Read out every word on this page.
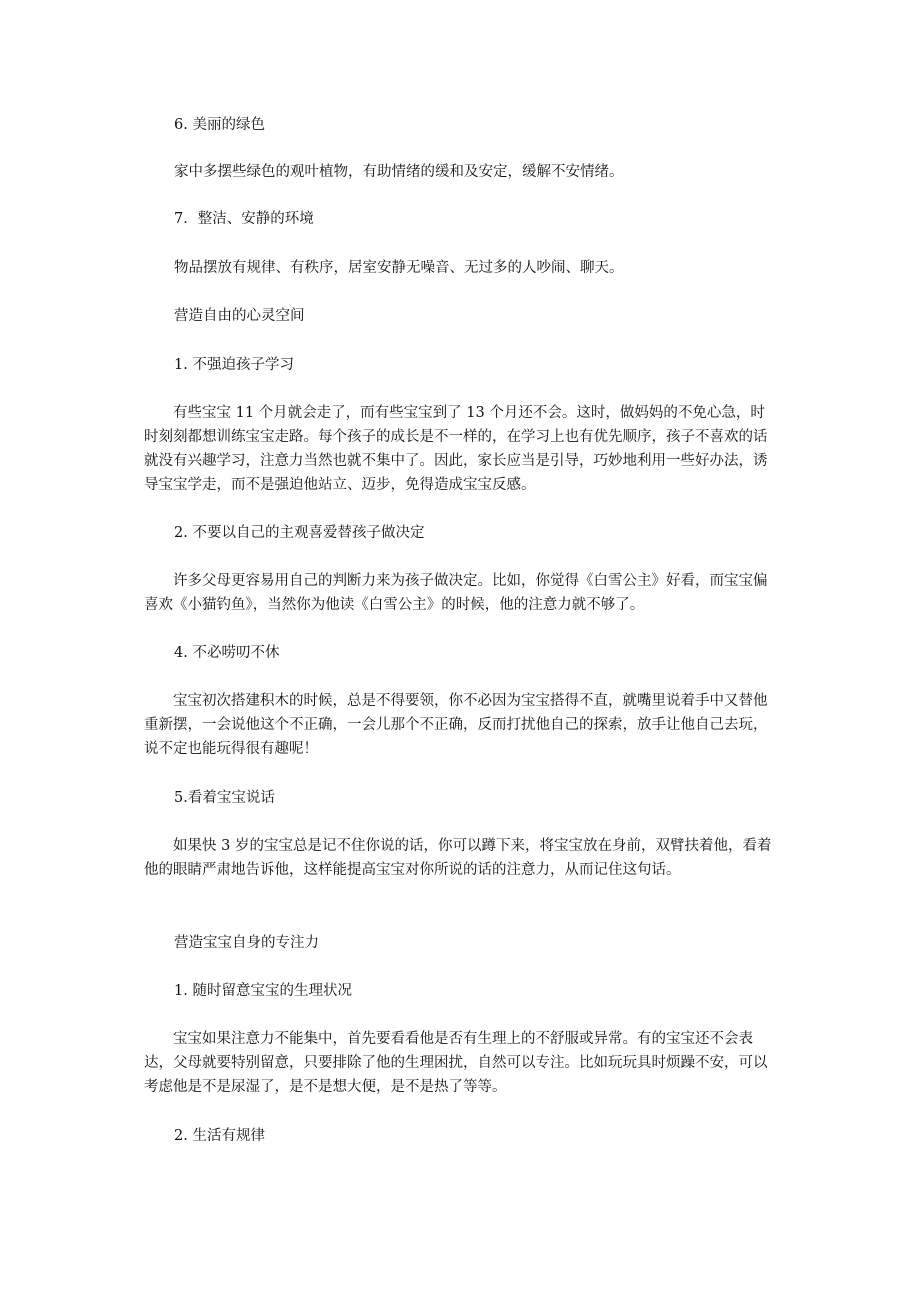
6. 美丽的绿色

家中多摆些绿色的观叶植物，有助情绪的缓和及安定，缓解不安情绪。

7．整洁、安静的环境

物品摆放有规律、有秩序，居室安静无噪音、无过多的人吵闹、聊天。

营造自由的心灵空间

1. 不强迫孩子学习

有些宝宝 11 个月就会走了，而有些宝宝到了 13 个月还不会。这时，做妈妈的不免心急，时时刻刻都想训练宝宝走路。每个孩子的成长是不一样的，在学习上也有优先顺序，孩子不喜欢的话就没有兴趣学习，注意力当然也就不集中了。因此，家长应当是引导，巧妙地利用一些好办法，诱导宝宝学走，而不是强迫他站立、迈步，免得造成宝宝反感。

2. 不要以自己的主观喜爱替孩子做决定

许多父母更容易用自己的判断力来为孩子做决定。比如，你觉得《白雪公主》好看，而宝宝偏喜欢《小猫钓鱼》，当然你为他读《白雪公主》的时候，他的注意力就不够了。

4. 不必唠叨不休

宝宝初次搭建积木的时候，总是不得要领，你不必因为宝宝搭得不直，就嘴里说着手中又替他重新摆，一会说他这个不正确，一会儿那个不正确，反而打扰他自己的探索，放手让他自己去玩，说不定也能玩得很有趣呢！

5.看着宝宝说话

如果快 3 岁的宝宝总是记不住你说的话，你可以蹲下来，将宝宝放在身前，双臂扶着他，看着他的眼睛严肃地告诉他，这样能提高宝宝对你所说的话的注意力，从而记住这句话。

营造宝宝自身的专注力

1. 随时留意宝宝的生理状况

宝宝如果注意力不能集中，首先要看看他是否有生理上的不舒服或异常。有的宝宝还不会表达，父母就要特别留意，只要排除了他的生理困扰，自然可以专注。比如玩玩具时烦躁不安，可以考虑他是不是尿湿了，是不是想大便，是不是热了等等。

2. 生活有规律
